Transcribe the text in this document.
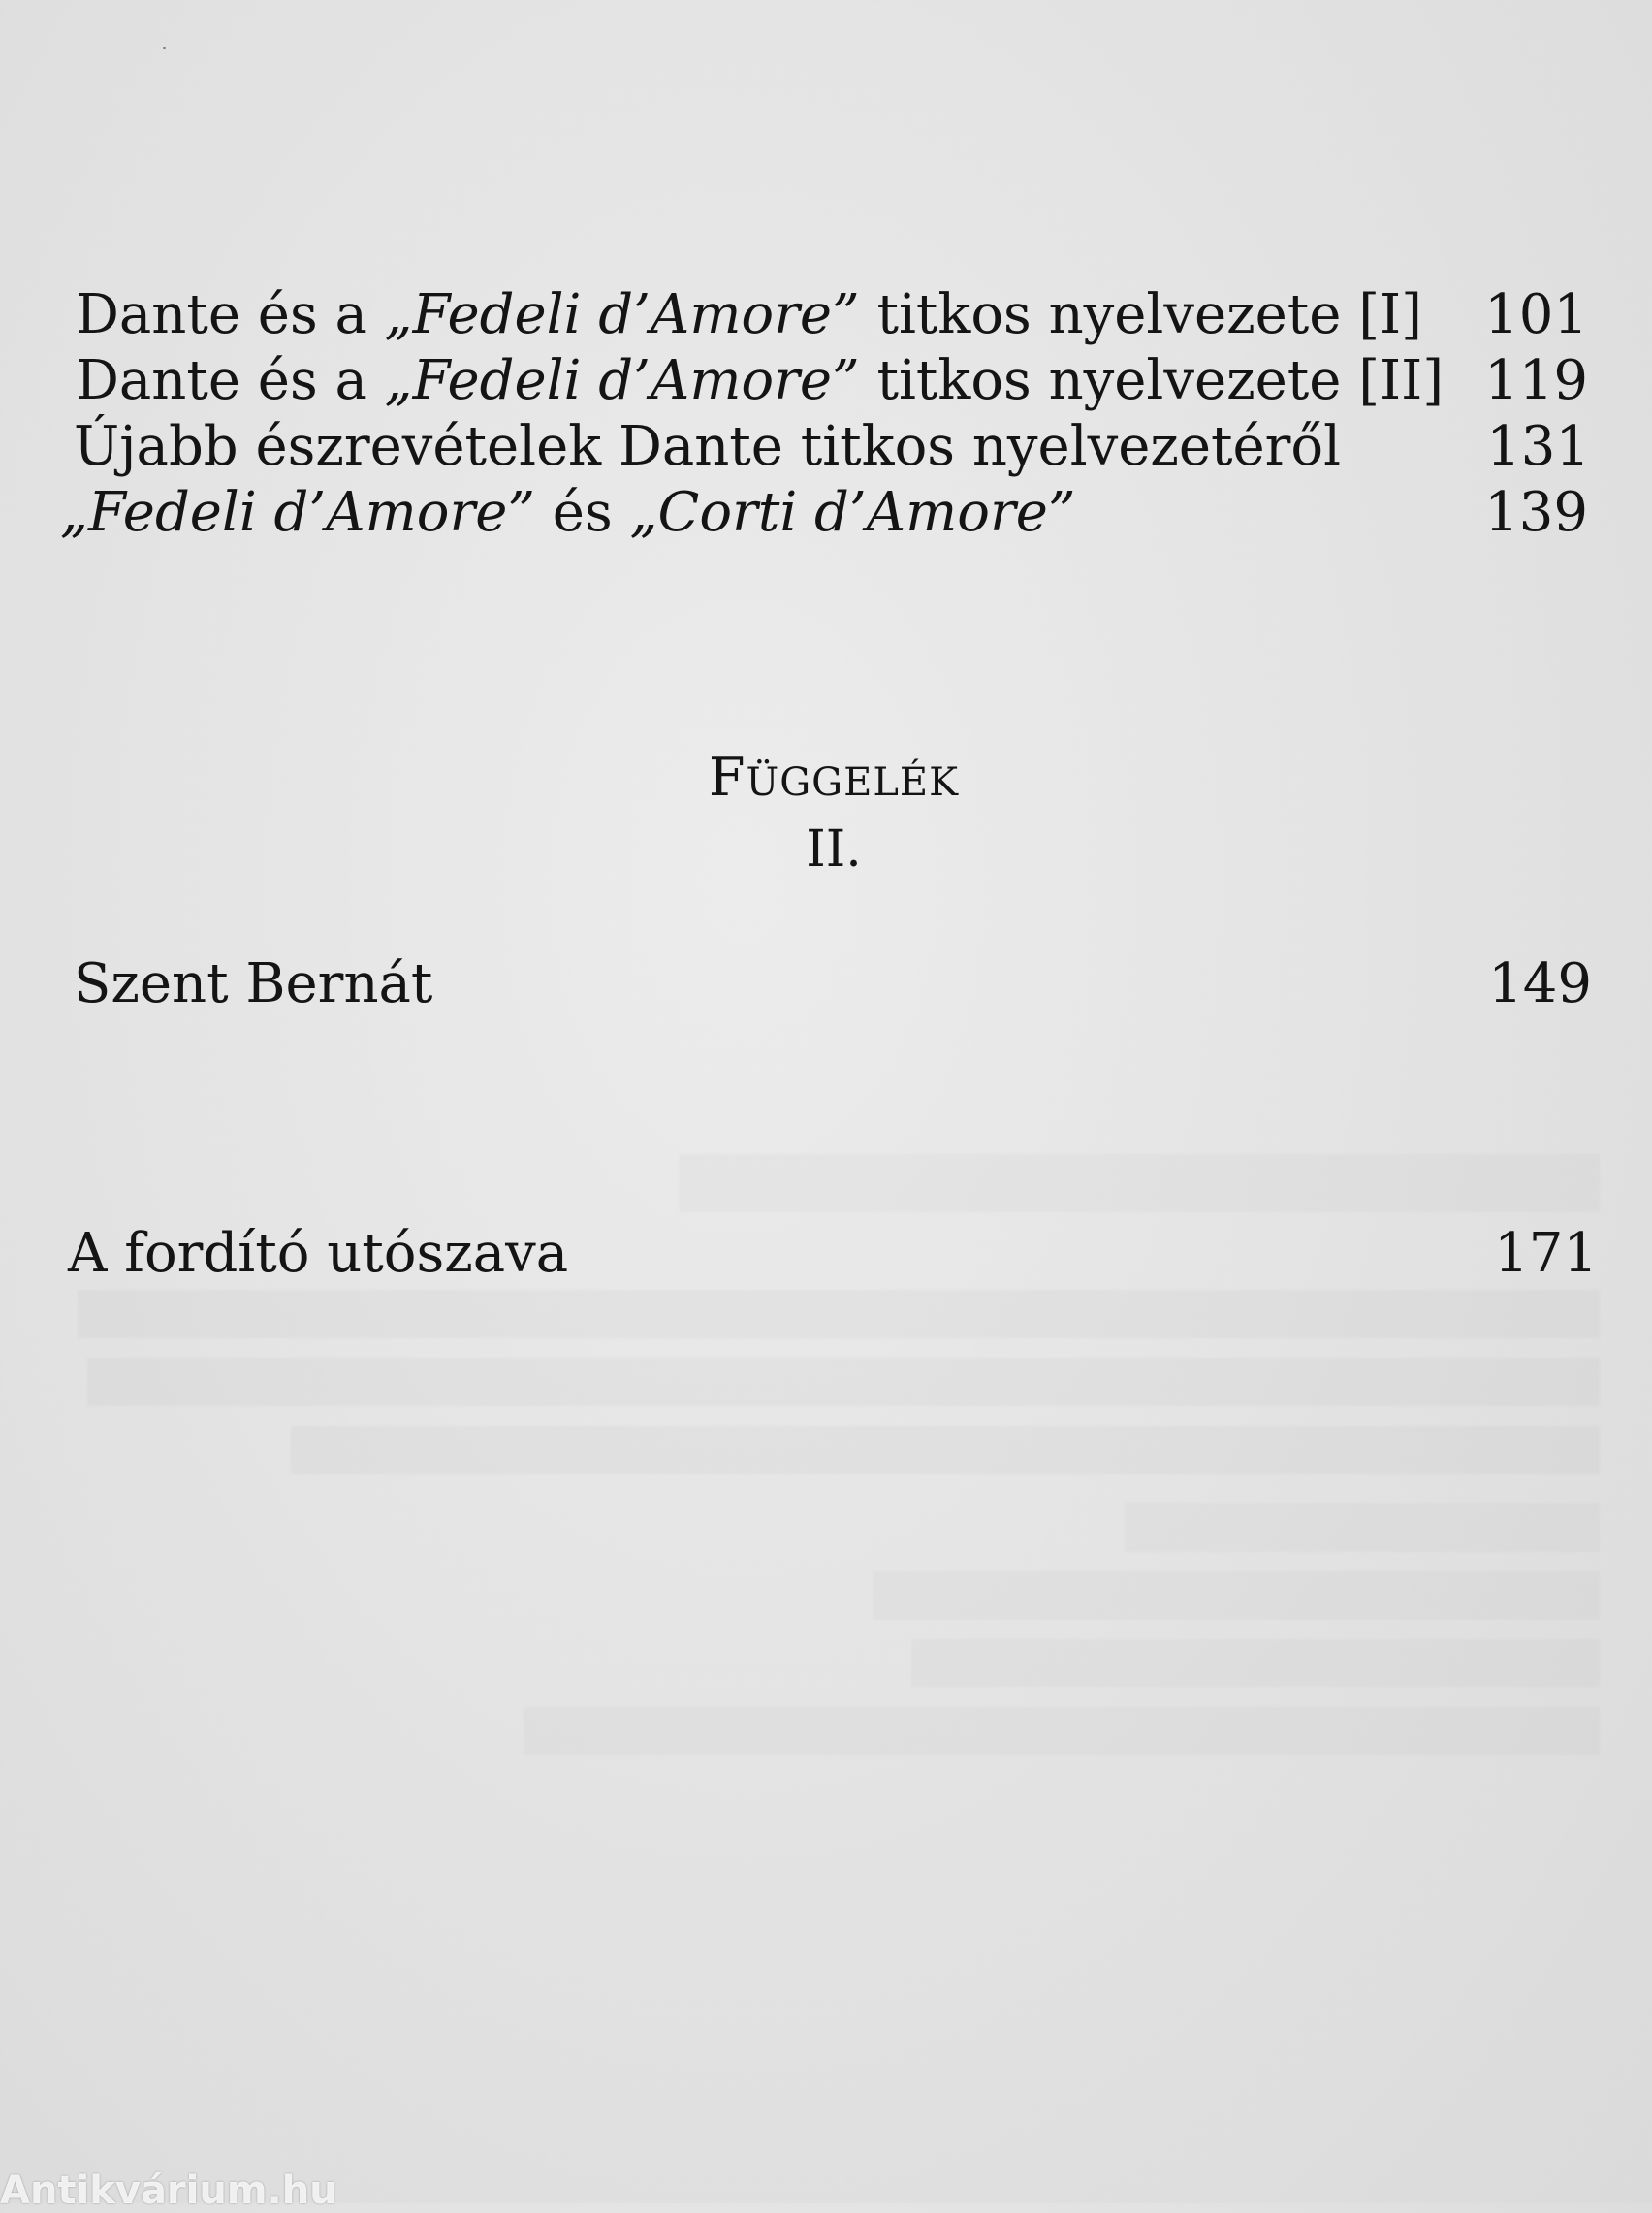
Dante és a „Fedeli d’Amore” titkos nyelvezete [I] 101
Dante és a „Fedeli d’Amore” titkos nyelvezete [II] 119
Újabb észrevételek Dante titkos nyelvezetéről	131
„Fedeli d’Amore” és „Corti d’Amore”	139
FÜGGELÉK
II.
Szent Bernát	149
A fordító utószava	171
Antikvárium.hu
